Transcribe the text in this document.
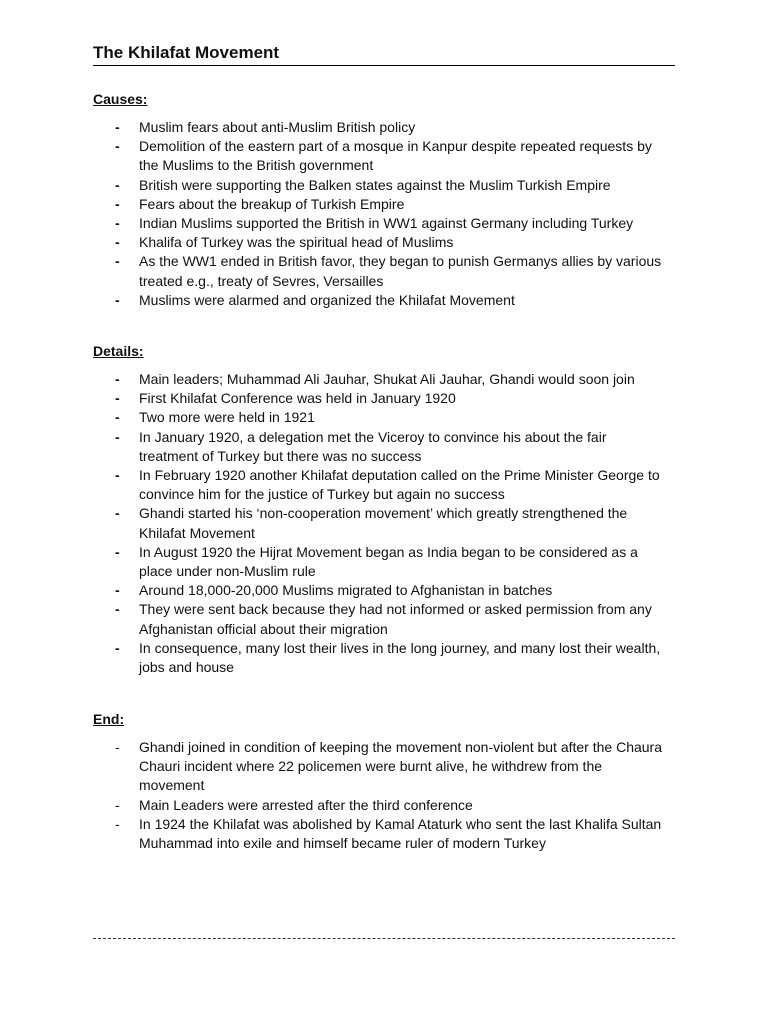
The Khilafat Movement
Causes:
- Muslim fears about anti-Muslim British policy
- Demolition of the eastern part of a mosque in Kanpur despite repeated requests by the Muslims to the British government
- British were supporting the Balken states against the Muslim Turkish Empire
- Fears about the breakup of Turkish Empire
- Indian Muslims supported the British in WW1 against Germany including Turkey
- Khalifa of Turkey was the spiritual head of Muslims
- As the WW1 ended in British favor, they began to punish Germanys allies by various treated e.g., treaty of Sevres, Versailles
- Muslims were alarmed and organized the Khilafat Movement
Details:
- Main leaders; Muhammad Ali Jauhar, Shukat Ali Jauhar, Ghandi would soon join
- First Khilafat Conference was held in January 1920
- Two more were held in 1921
- In January 1920, a delegation met the Viceroy to convince his about the fair treatment of Turkey but there was no success
- In February 1920 another Khilafat deputation called on the Prime Minister George to convince him for the justice of Turkey but again no success
- Ghandi started his ‘non-cooperation movement’ which greatly strengthened the Khilafat Movement
- In August 1920 the Hijrat Movement began as India began to be considered as a place under non-Muslim rule
- Around 18,000-20,000 Muslims migrated to Afghanistan in batches
- They were sent back because they had not informed or asked permission from any Afghanistan official about their migration
- In consequence, many lost their lives in the long journey, and many lost their wealth, jobs and house
End:
- Ghandi joined in condition of keeping the movement non-violent but after the Chaura Chauri incident where 22 policemen were burnt alive, he withdrew from the movement
- Main Leaders were arrested after the third conference
- In 1924 the Khilafat was abolished by Kamal Ataturk who sent the last Khalifa Sultan Muhammad into exile and himself became ruler of modern Turkey
